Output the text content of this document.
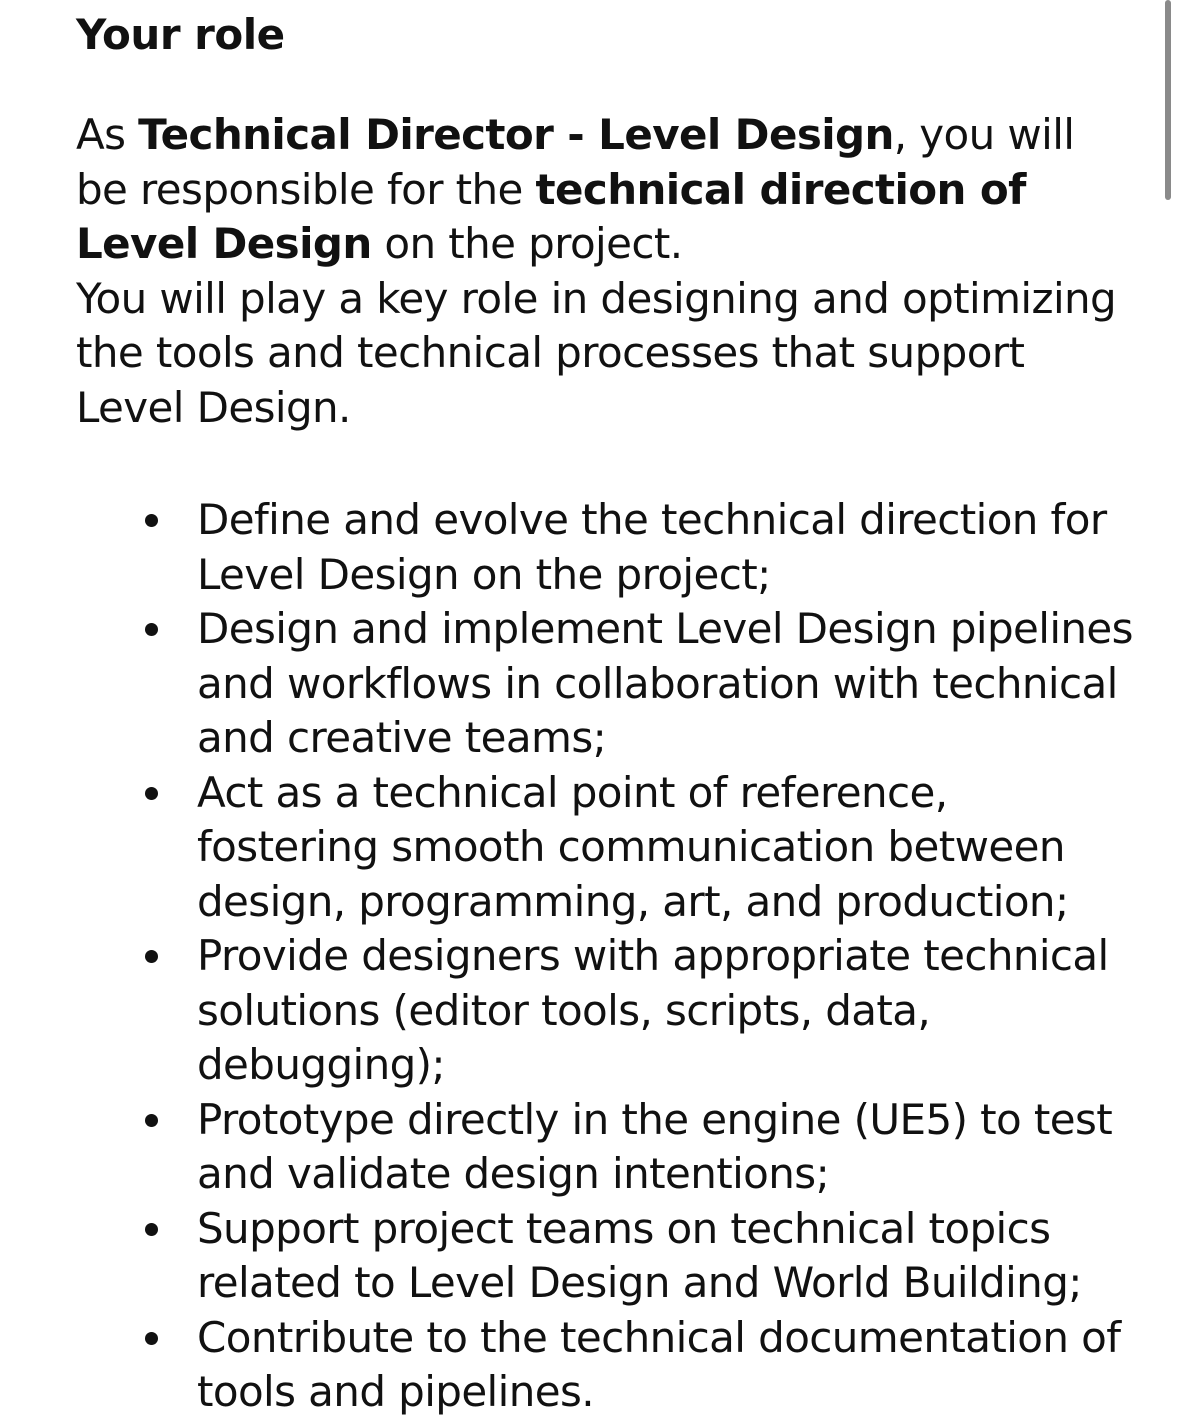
Your role

As Technical Director - Level Design, you will be responsible for the technical direction of Level Design on the project.
You will play a key role in designing and optimizing the tools and technical processes that support Level Design.

Define and evolve the technical direction for Level Design on the project;
Design and implement Level Design pipelines and workflows in collaboration with technical and creative teams;
Act as a technical point of reference, fostering smooth communication between design, programming, art, and production;
Provide designers with appropriate technical solutions (editor tools, scripts, data, debugging);
Prototype directly in the engine (UE5) to test and validate design intentions;
Support project teams on technical topics related to Level Design and World Building;
Contribute to the technical documentation of tools and pipelines.
